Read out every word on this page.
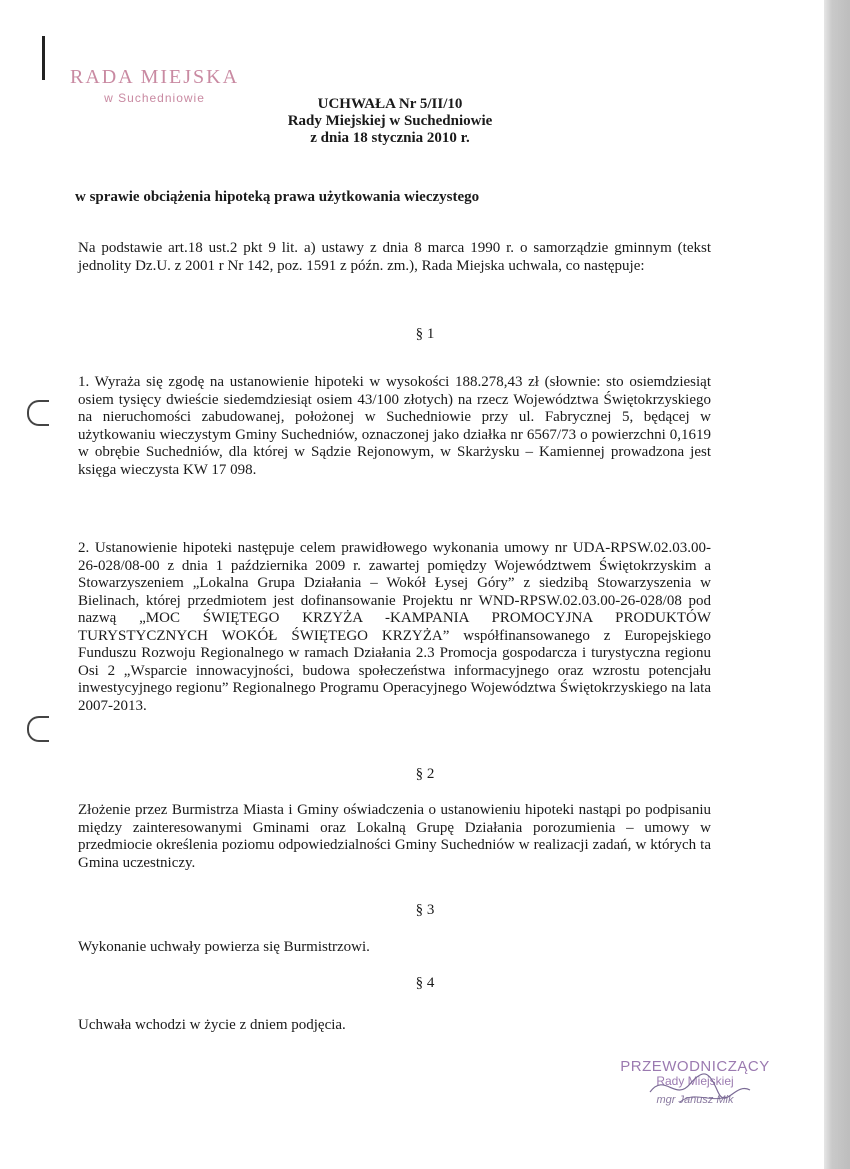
RADA MIEJSKA
w Suchedniowie	UCHWAŁA Nr 5/II/10
Rady Miejskiej w Suchedniowie
z dnia 18 stycznia 2010 r.
w sprawie obciążenia hipoteką prawa użytkowania wieczystego
Na podstawie art.18 ust.2 pkt 9 lit. a) ustawy z dnia 8 marca 1990 r. o samorządzie gminnym (tekst jednolity Dz.U. z 2001 r Nr 142, poz. 1591 z późn. zm.), Rada Miejska uchwala, co następuje:
§ 1
1. Wyraża się zgodę na ustanowienie hipoteki w wysokości 188.278,43 zł (słownie: sto osiemdziesiąt osiem tysięcy dwieście siedemdziesiąt osiem 43/100 złotych) na rzecz Województwa Świętokrzyskiego na nieruchomości zabudowanej, położonej w Suchedniowie przy ul. Fabrycznej 5, będącej w użytkowaniu wieczystym Gminy Suchedniów, oznaczonej jako działka nr 6567/73 o powierzchni 0,1619 w obrębie Suchedniów, dla której w Sądzie Rejonowym, w Skarżysku – Kamiennej prowadzona jest księga wieczysta KW 17 098.
2. Ustanowienie hipoteki następuje celem prawidłowego wykonania umowy nr UDA-RPSW.02.03.00-26-028/08-00 z dnia 1 października 2009 r. zawartej pomiędzy Województwem Świętokrzyskim a Stowarzyszeniem „Lokalna Grupa Działania – Wokół Łysej Góry” z siedzibą Stowarzyszenia w Bielinach, której przedmiotem jest dofinansowanie Projektu nr WND-RPSW.02.03.00-26-028/08 pod nazwą „MOC ŚWIĘTEGO KRZYŻA -KAMPANIA PROMOCYJNA PRODUKTÓW TURYSTYCZNYCH WOKÓŁ ŚWIĘTEGO KRZYŻA” współfinansowanego z Europejskiego Funduszu Rozwoju Regionalnego w ramach Działania 2.3 Promocja gospodarcza i turystyczna regionu Osi 2 „Wsparcie innowacyjności, budowa społeczeństwa informacyjnego oraz wzrostu potencjału inwestycyjnego regionu” Regionalnego Programu Operacyjnego Województwa Świętokrzyskiego na lata 2007-2013.
§ 2
Złożenie przez Burmistrza Miasta i Gminy oświadczenia o ustanowieniu hipoteki nastąpi po podpisaniu między zainteresowanymi Gminami oraz Lokalną Grupę Działania porozumienia – umowy w przedmiocie określenia poziomu odpowiedzialności Gminy Suchedniów w realizacji zadań, w których ta Gmina uczestniczy.
§ 3
Wykonanie uchwały powierza się Burmistrzowi.
§ 4
Uchwała wchodzi w życie z dniem podjęcia.
PRZEWODNICZĄCY
Rady Miejskiej
mgr Janusz Mik
